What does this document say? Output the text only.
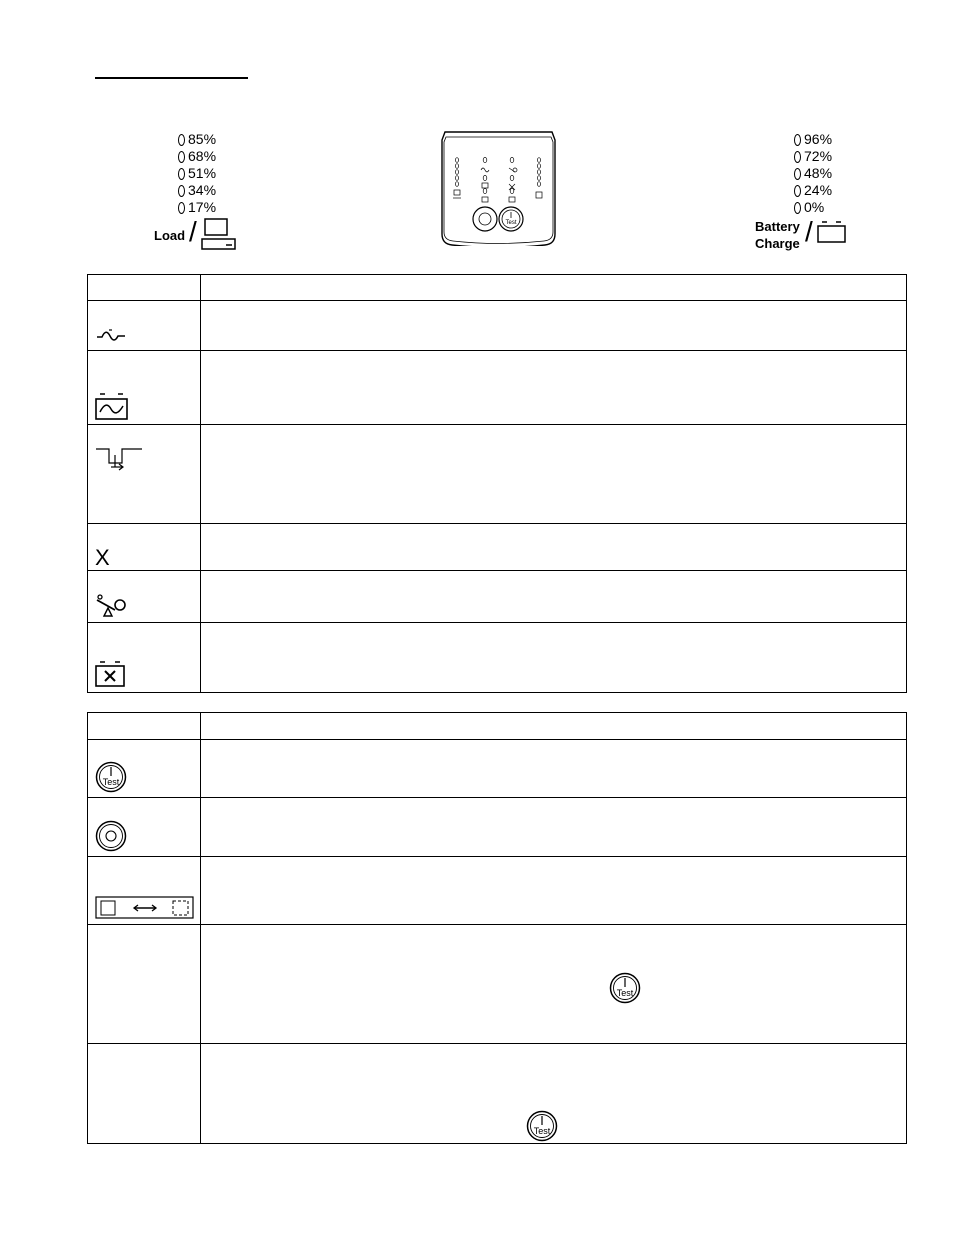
85%
68%
51%
34%
17%
Load /	Test
96%
72%
48%
24%
0%
Battery
Charge /

X	

Test	

Test

Test
